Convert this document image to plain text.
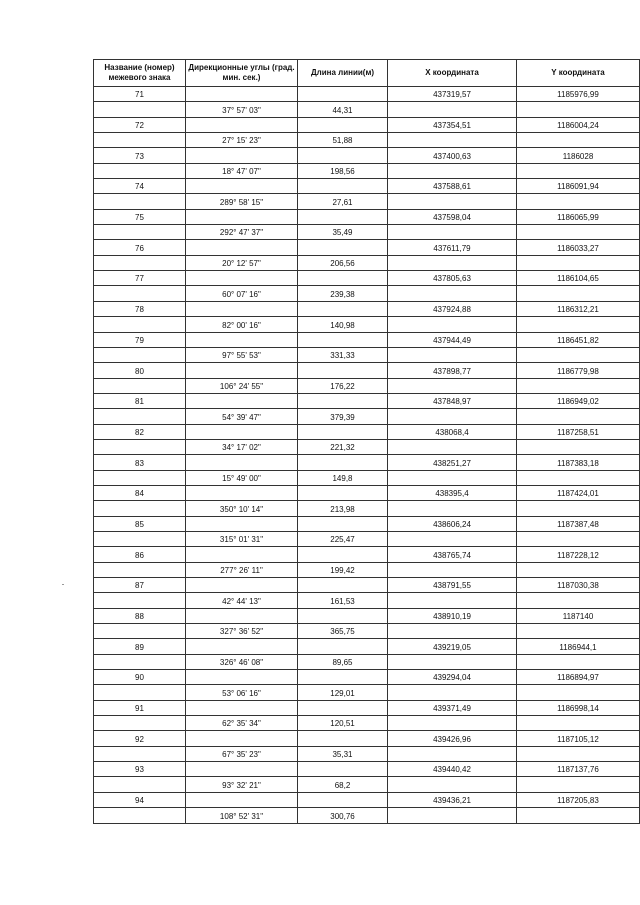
Название (номер) межевого знака	Дирекционные углы (град. мин. сек.)	Длина линии(м)	X координата	Y координата
71			437319,57	1185976,99
	37° 57' 03"	44,31		
72			437354,51	1186004,24
	27° 15' 23"	51,88		
73			437400,63	1186028
	18° 47' 07"	198,56		
74			437588,61	1186091,94
	289° 58' 15"	27,61		
75			437598,04	1186065,99
	292° 47' 37"	35,49		
76			437611,79	1186033,27
	20° 12' 57"	206,56		
77			437805,63	1186104,65
	60° 07' 16"	239,38		
78			437924,88	1186312,21
	82° 00' 16"	140,98		
79			437944,49	1186451,82
	97° 55' 53"	331,33		
80			437898,77	1186779,98
	106° 24' 55"	176,22		
81			437848,97	1186949,02
	54° 39' 47"	379,39		
82			438068,4	1187258,51
	34° 17' 02"	221,32		
83			438251,27	1187383,18
	15° 49' 00"	149,8		
84			438395,4	1187424,01
	350° 10' 14"	213,98		
85			438606,24	1187387,48
	315° 01' 31"	225,47		
86			438765,74	1187228,12
	277° 26' 11"	199,42		
87			438791,55	1187030,38
	42° 44' 13"	161,53		
88			438910,19	1187140
	327° 36' 52"	365,75		
89			439219,05	1186944,1
	326° 46' 08"	89,65		
90			439294,04	1186894,97
	53° 06' 16"	129,01		
91			439371,49	1186998,14
	62° 35' 34"	120,51		
92			439426,96	1187105,12
	67° 35' 23"	35,31		
93			439440,42	1187137,76
	93° 32' 21"	68,2		
94			439436,21	1187205,83
	108° 52' 31"	300,76		
